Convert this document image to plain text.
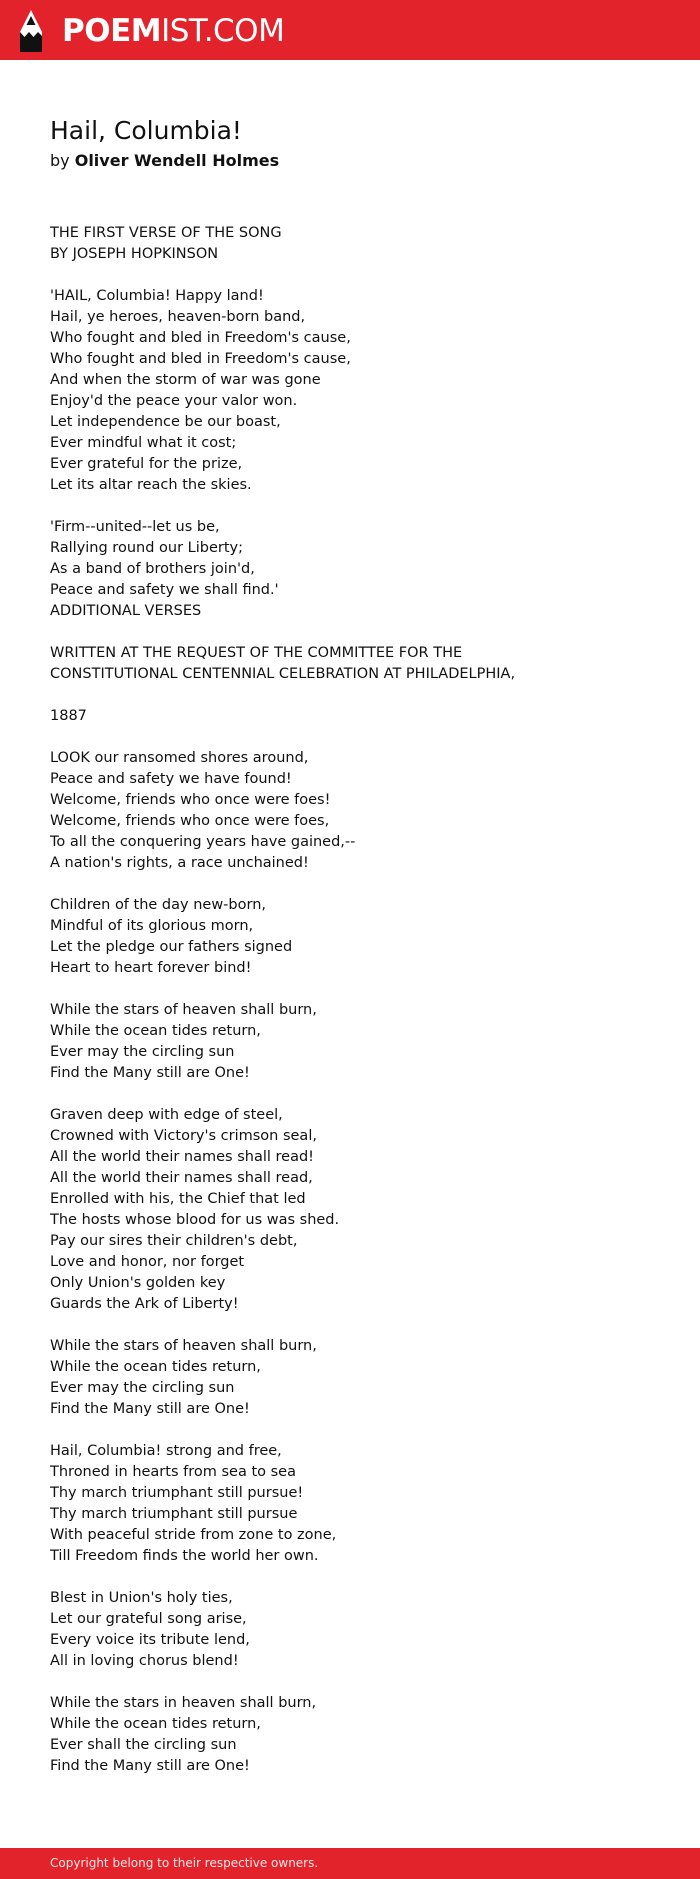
POEMIST.COM
Hail, Columbia!
by Oliver Wendell Holmes
THE FIRST VERSE OF THE SONG
BY JOSEPH HOPKINSON

'HAIL, Columbia! Happy land!
Hail, ye heroes, heaven-born band,
Who fought and bled in Freedom's cause,
Who fought and bled in Freedom's cause,
And when the storm of war was gone
Enjoy'd the peace your valor won.
Let independence be our boast,
Ever mindful what it cost;
Ever grateful for the prize,
Let its altar reach the skies.

'Firm--united--let us be,
Rallying round our Liberty;
As a band of brothers join'd,
Peace and safety we shall find.'
ADDITIONAL VERSES

WRITTEN AT THE REQUEST OF THE COMMITTEE FOR THE
CONSTITUTIONAL CENTENNIAL CELEBRATION AT PHILADELPHIA,

1887

LOOK our ransomed shores around,
Peace and safety we have found!
Welcome, friends who once were foes!
Welcome, friends who once were foes,
To all the conquering years have gained,--
A nation's rights, a race unchained!

Children of the day new-born,
Mindful of its glorious morn,
Let the pledge our fathers signed
Heart to heart forever bind!

While the stars of heaven shall burn,
While the ocean tides return,
Ever may the circling sun
Find the Many still are One!

Graven deep with edge of steel,
Crowned with Victory's crimson seal,
All the world their names shall read!
All the world their names shall read,
Enrolled with his, the Chief that led
The hosts whose blood for us was shed.
Pay our sires their children's debt,
Love and honor, nor forget
Only Union's golden key
Guards the Ark of Liberty!

While the stars of heaven shall burn,
While the ocean tides return,
Ever may the circling sun
Find the Many still are One!

Hail, Columbia! strong and free,
Throned in hearts from sea to sea
Thy march triumphant still pursue!
Thy march triumphant still pursue
With peaceful stride from zone to zone,
Till Freedom finds the world her own.

Blest in Union's holy ties,
Let our grateful song arise,
Every voice its tribute lend,
All in loving chorus blend!

While the stars in heaven shall burn,
While the ocean tides return,
Ever shall the circling sun
Find the Many still are One!
Copyright belong to their respective owners.
